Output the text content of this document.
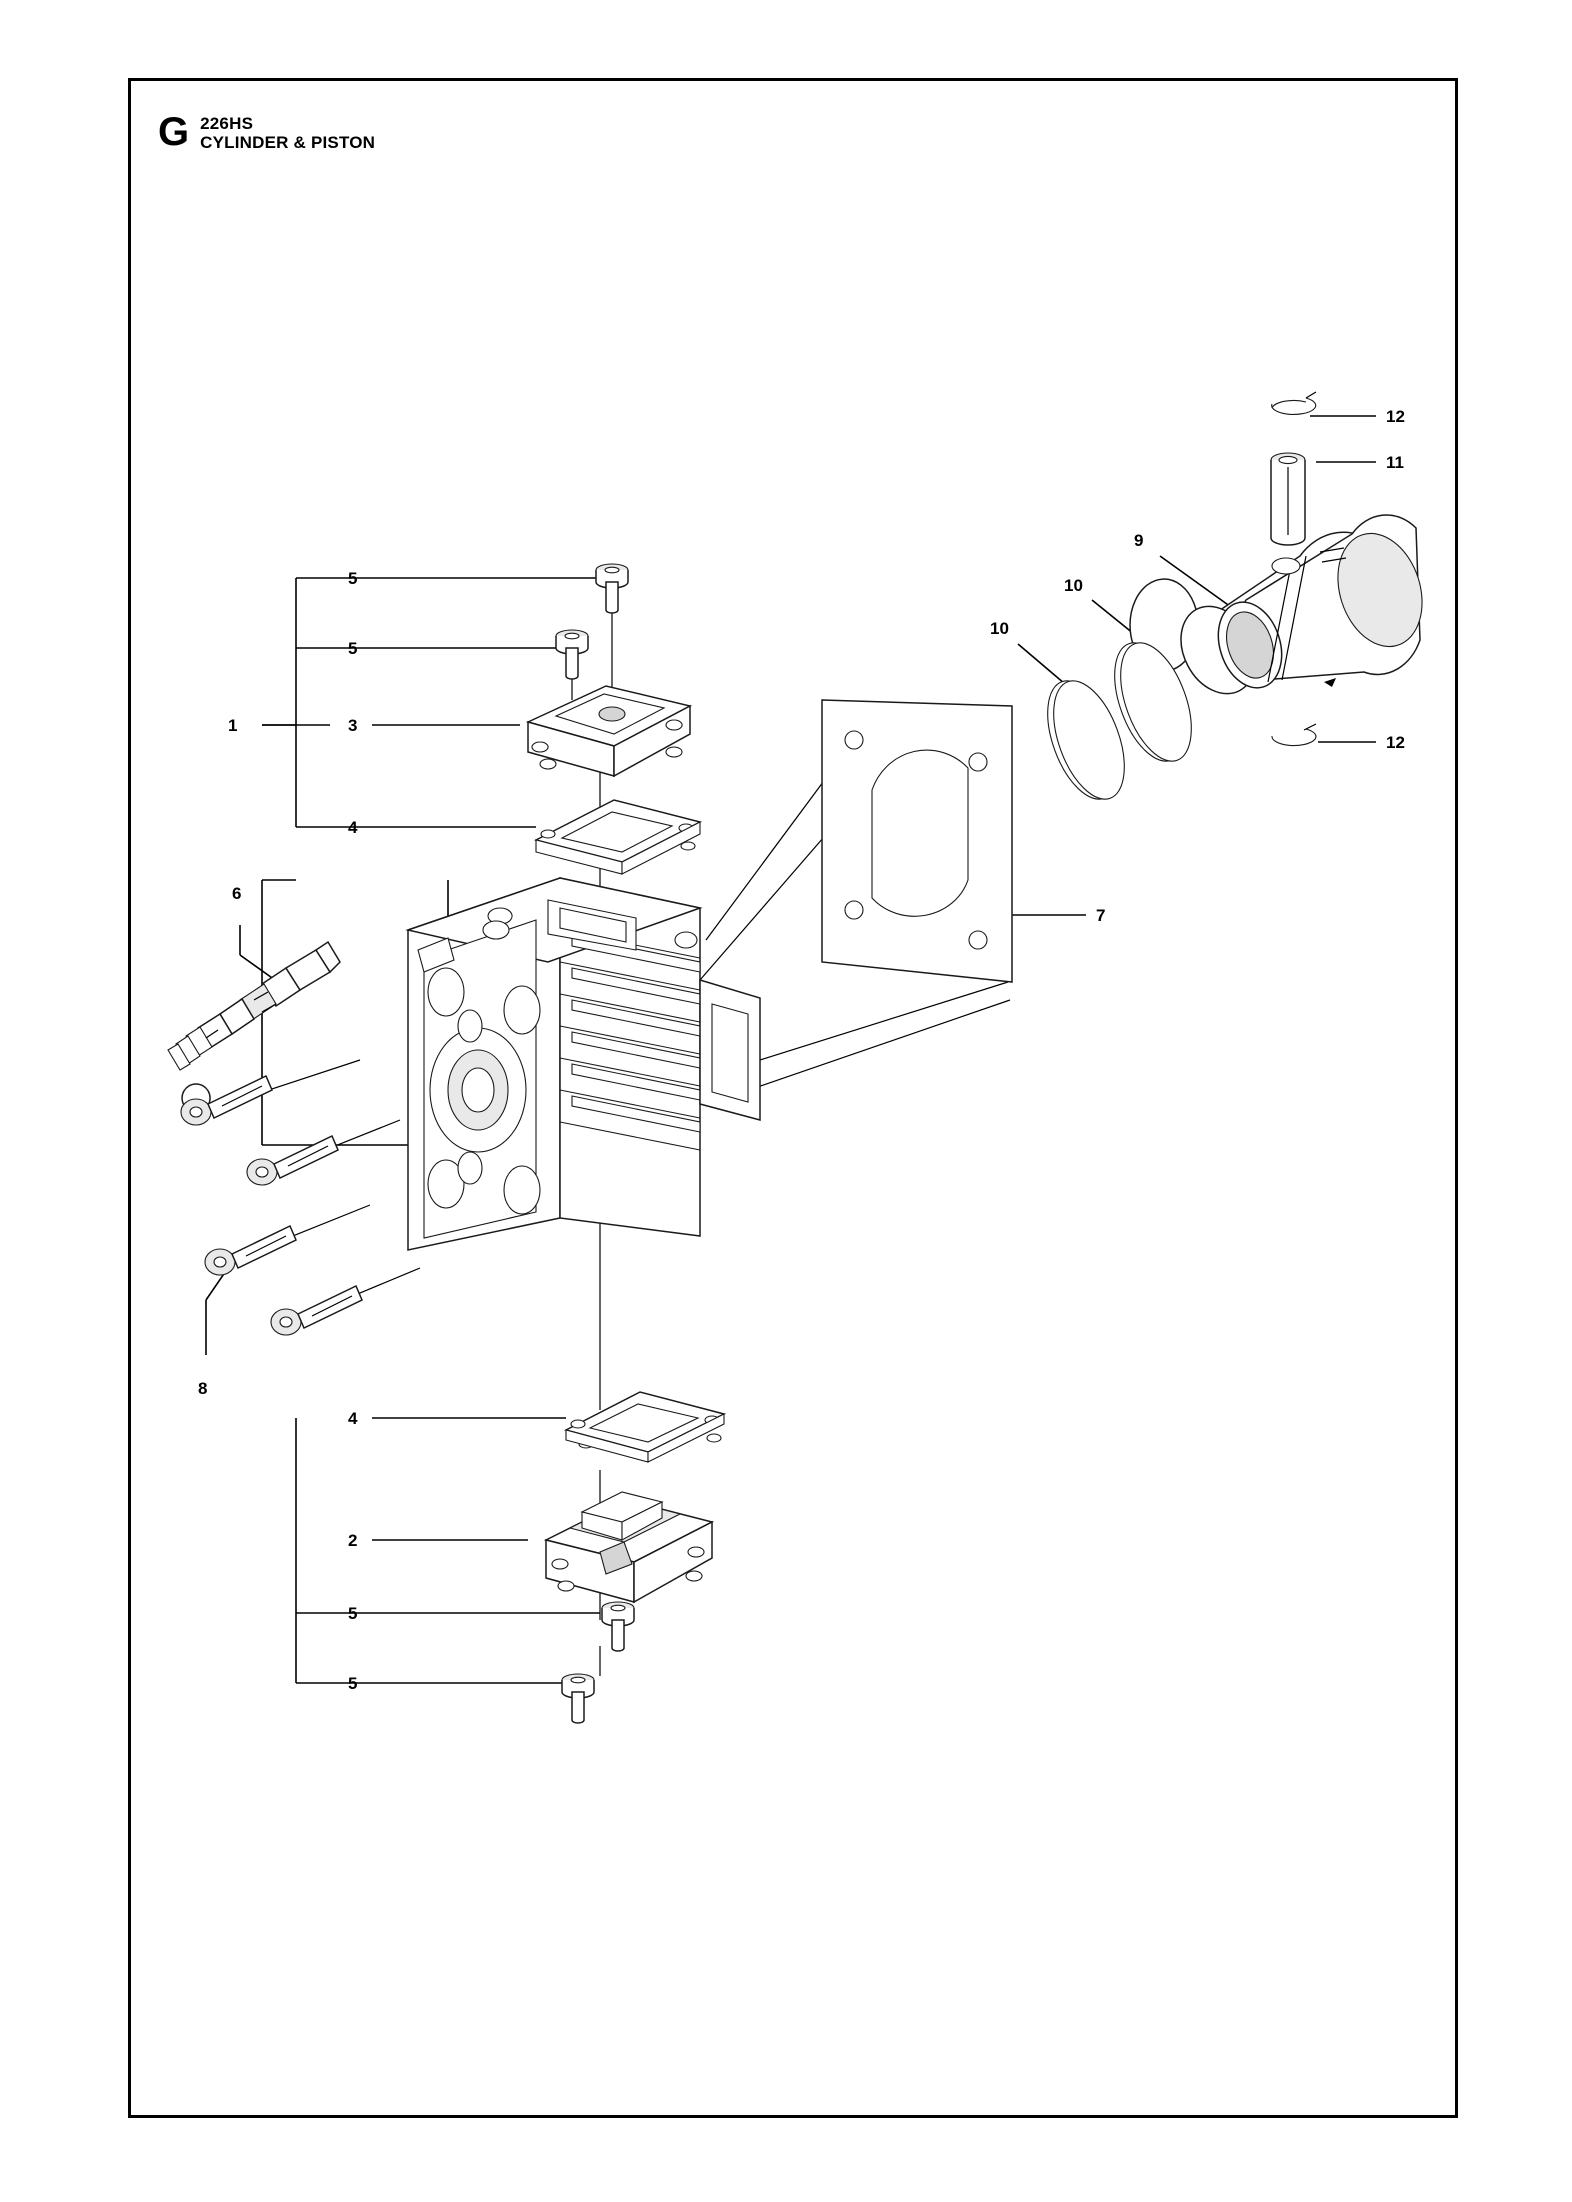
G 226HS
CYLINDER & PISTON
1
2
3
4
4
5
5
5
5
6
7
8
9
10
10
11
12
12
